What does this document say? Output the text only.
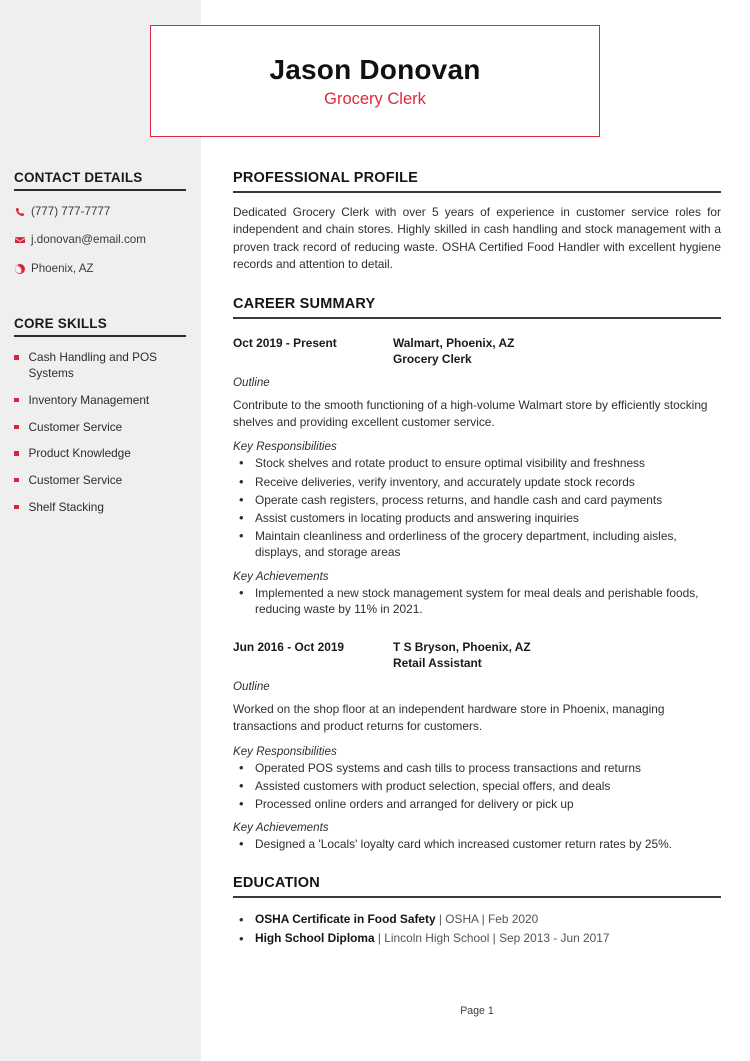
CONTACT DETAILS
(777) 777-7777
j.donovan@email.com
Phoenix, AZ
CORE SKILLS
Cash Handling and POS Systems
Inventory Management
Customer Service
Product Knowledge
Customer Service
Shelf Stacking
Jason Donovan
Grocery Clerk
PROFESSIONAL PROFILE

Dedicated Grocery Clerk with over 5 years of experience in customer service roles for independent and chain stores. Highly skilled in cash handling and stock management with a proven track record of reducing waste. OSHA Certified Food Handler with excellent hygiene records and attention to detail.

CAREER SUMMARY
Oct 2019 - Present	Walmart, Phoenix, AZ
Grocery Clerk

Outline

Contribute to the smooth functioning of a high-volume Walmart store by efficiently stocking shelves and providing excellent customer service.

Key Responsibilities

• Stock shelves and rotate product to ensure optimal visibility and freshness
• Receive deliveries, verify inventory, and accurately update stock records
• Operate cash registers, process returns, and handle cash and card payments
• Assist customers in locating products and answering inquiries
• Maintain cleanliness and orderliness of the grocery department, including aisles, displays, and storage areas

Key Achievements

• Implemented a new stock management system for meal deals and perishable foods, reducing waste by 11% in 2021.
Jun 2016 - Oct 2019	T S Bryson, Phoenix, AZ
Retail Assistant

Outline

Worked on the shop floor at an independent hardware store in Phoenix, managing transactions and product returns for customers.

Key Responsibilities

• Operated POS systems and cash tills to process transactions and returns
• Assisted customers with product selection, special offers, and deals
• Processed online orders and arranged for delivery or pick up

Key Achievements

• Designed a 'Locals' loyalty card which increased customer return rates by 25%.
EDUCATION
• OSHA Certificate in Food Safety | OSHA | Feb 2020
• High School Diploma | Lincoln High School | Sep 2013 - Jun 2017
Page 1
